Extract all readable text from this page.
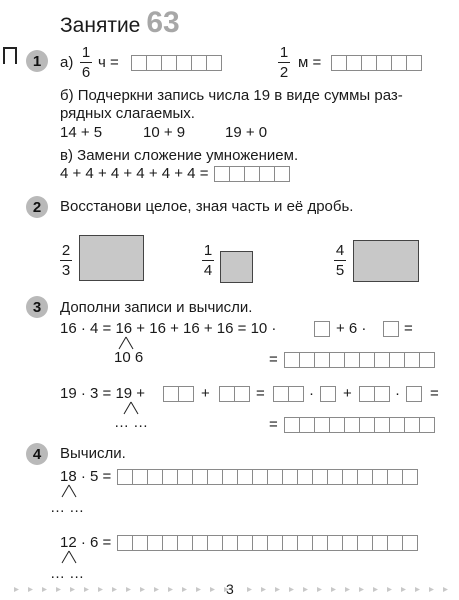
Занятие 63
1	а)
1
6
ч =
1
2
м =
б) Подчеркни запись числа 19 в виде суммы раз-
рядных слагаемых.
14 + 5	10 + 9	19 + 0
в) Замени сложение умножением.
4 + 4 + 4 + 4 + 4 + 4 =
2	Восстанови целое, зная часть и её дробь.
2
3
1
4
4
5
3	Дополни записи и вычисли.
16 · 4 = 16 + 16 + 16 + 16 = 10 ·	+ 6 ·	=
10 6	=
19 · 3 = 19 +	+	=	· +	· =
… …	=
4	Вычисли.
18 · 5 =
… …
12 · 6 =
… …
3
